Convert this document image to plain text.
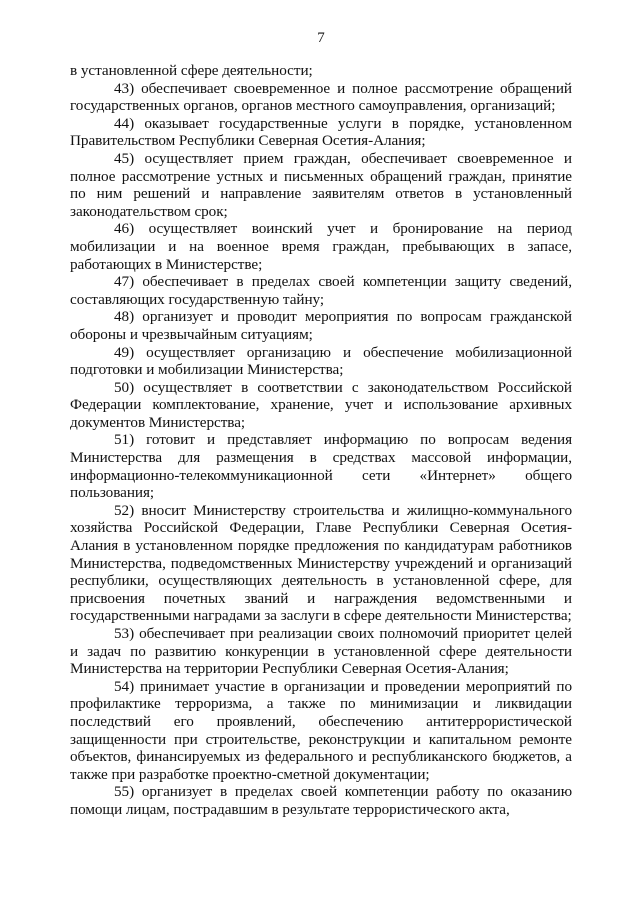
7

в установленной сфере деятельности;

43) обеспечивает своевременное и полное рассмотрение обращений государственных органов, органов местного самоуправления, организаций;

44) оказывает государственные услуги в порядке, установленном Правительством Республики Северная Осетия-Алания;

45) осуществляет прием граждан, обеспечивает своевременное и полное рассмотрение устных и письменных обращений граждан, принятие по ним решений и направление заявителям ответов в установленный законодательством срок;

46) осуществляет воинский учет и бронирование на период мобилизации и на военное время граждан, пребывающих в запасе, работающих в Министерстве;

47) обеспечивает в пределах своей компетенции защиту сведений, составляющих государственную тайну;

48) организует и проводит мероприятия по вопросам гражданской обороны и чрезвычайным ситуациям;

49) осуществляет организацию и обеспечение мобилизационной подготовки и мобилизации Министерства;

50) осуществляет в соответствии с законодательством Российской Федерации комплектование, хранение, учет и использование архивных документов Министерства;

51) готовит и представляет информацию по вопросам ведения Министерства для размещения в средствах массовой информации, информационно-телекоммуникационной сети «Интернет» общего пользования;

52) вносит Министерству строительства и жилищно-коммунального хозяйства Российской Федерации, Главе Республики Северная Осетия-Алания в установленном порядке предложения по кандидатурам работников Министерства, подведомственных Министерству учреждений и организаций республики, осуществляющих деятельность в установленной сфере, для присвоения почетных званий и награждения ведомственными и государственными наградами за заслуги в сфере деятельности Министерства;

53) обеспечивает при реализации своих полномочий приоритет целей и задач по развитию конкуренции в установленной сфере деятельности Министерства на территории Республики Северная Осетия-Алания;

54) принимает участие в организации и проведении мероприятий по профилактике терроризма, а также по минимизации и ликвидации последствий его проявлений, обеспечению антитеррористической защищенности при строительстве, реконструкции и капитальном ремонте объектов, финансируемых из федерального и республиканского бюджетов, а также при разработке проектно-сметной документации;

55) организует в пределах своей компетенции работу по оказанию помощи лицам, пострадавшим в результате террористического акта,
